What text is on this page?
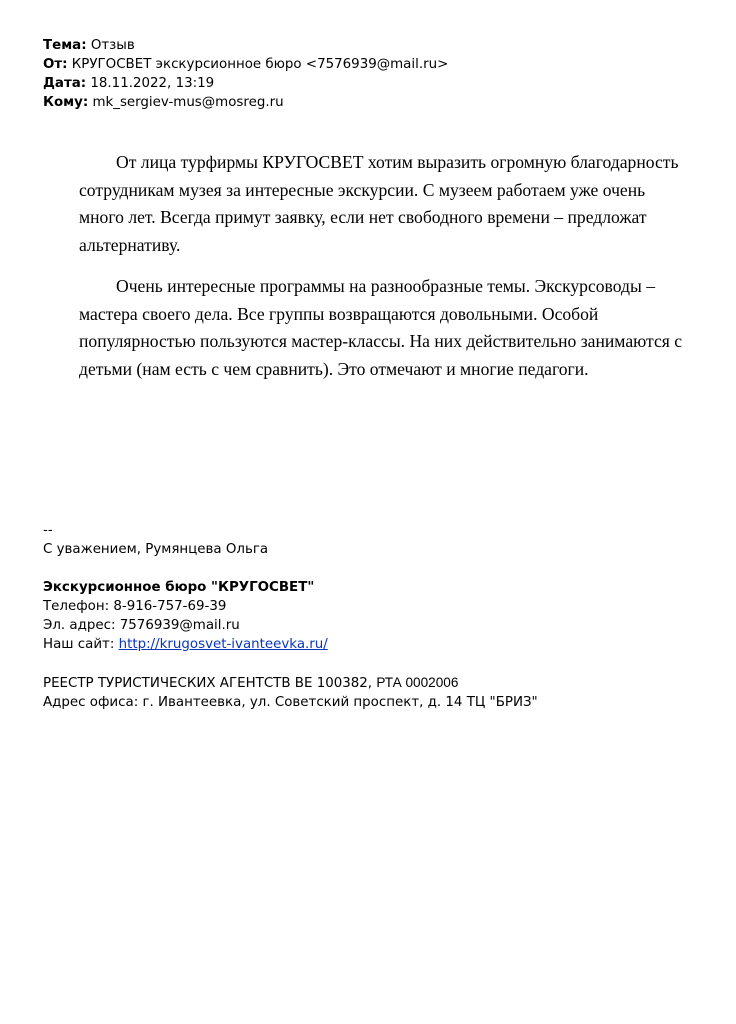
Тема: Отзыв
От: КРУГОСВЕТ экскурсионное бюро <7576939@mail.ru>
Дата: 18.11.2022, 13:19
Кому: mk_sergiev-mus@mosreg.ru

От лица турфирмы КРУГОСВЕТ хотим выразить огромную благодарность сотрудникам музея за интересные экскурсии. С музеем работаем уже очень много лет. Всегда примут заявку, если нет свободного времени – предложат альтернативу.

Очень интересные программы на разнообразные темы. Экскурсоводы – мастера своего дела. Все группы возвращаются довольными. Особой популярностью пользуются мастер-классы. На них действительно занимаются с детьми (нам есть с чем сравнить). Это отмечают и многие педагоги.

--
С уважением, Румянцева Ольга
Экскурсионное бюро "КРУГОСВЕТ"
Телефон: 8-916-757-69-39
Эл. адрес: 7576939@mail.ru
Наш сайт: http://krugosvet-ivanteevka.ru/
РЕЕСТР ТУРИСТИЧЕСКИХ АГЕНТСТВ ВЕ 100382, РТА 0002006
Адрес офиса: г. Ивантеевка, ул. Советский проспект, д. 14 ТЦ "БРИЗ"
